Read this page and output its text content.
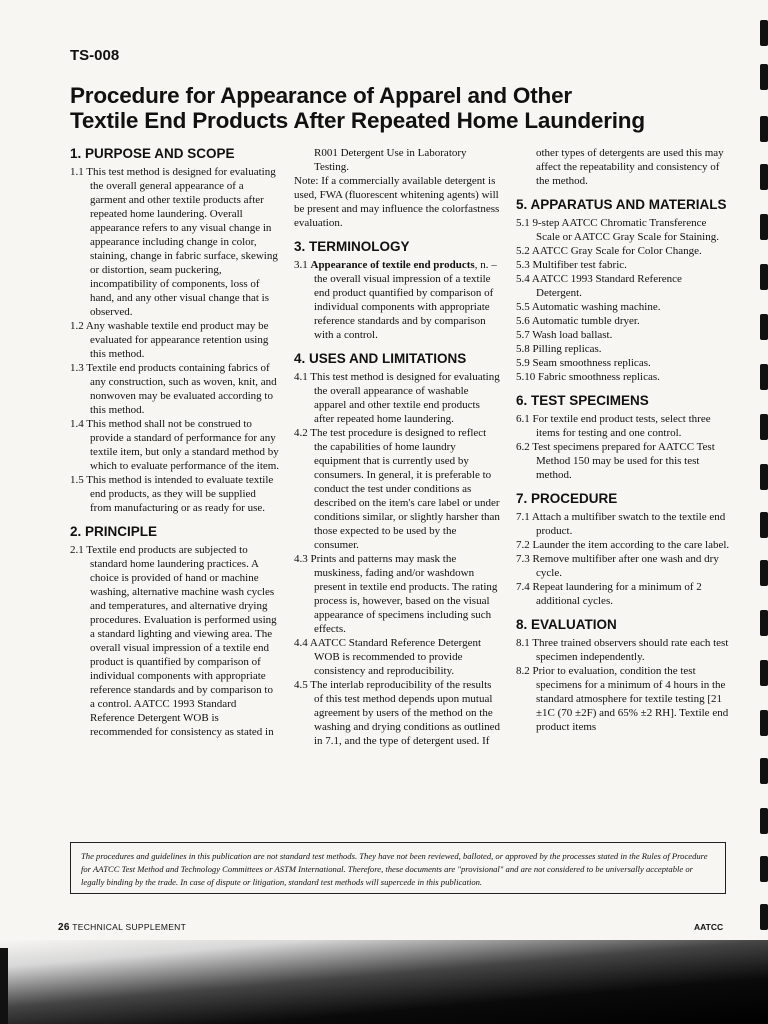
TS-008
Procedure for Appearance of Apparel and Other
Textile End Products After Repeated Home Laundering
1. PURPOSE AND SCOPE
1.1 This test method is designed for evaluating the overall general appearance of a garment and other textile products after repeated home laundering. Overall appearance refers to any visual change in appearance including change in color, staining, change in fabric surface, skewing or distortion, seam puckering, incompatibility of components, loss of hand, and any other visual change that is observed.
1.2 Any washable textile end product may be evaluated for appearance retention using this method.
1.3 Textile end products containing fabrics of any construction, such as woven, knit, and nonwoven may be evaluated according to this method.
1.4 This method shall not be construed to provide a standard of performance for any textile item, but only a standard method by which to evaluate performance of the item.
1.5 This method is intended to evaluate textile end products, as they will be supplied from manufacturing or as ready for use.
2. PRINCIPLE
2.1 Textile end products are subjected to standard home laundering practices. A choice is provided of hand or machine washing, alternative machine wash cycles and temperatures, and alternative drying procedures. Evaluation is performed using a standard lighting and viewing area. The overall visual impression of a textile end product is quantified by comparison of individual components with appropriate reference standards and by comparison to a control. AATCC 1993 Standard Reference Detergent WOB is recommended for consistency as stated in
R001 Detergent Use in Laboratory Testing.
Note: If a commercially available detergent is used, FWA (fluorescent whitening agents) will be present and may influence the colorfastness evaluation.
3. TERMINOLOGY
3.1 Appearance of textile end products, n. – the overall visual impression of a textile end product quantified by comparison of individual components with appropriate reference standards and by comparison with a control.
4. USES AND LIMITATIONS
4.1 This test method is designed for evaluating the overall appearance of washable apparel and other textile end products after repeated home laundering.
4.2 The test procedure is designed to reflect the capabilities of home laundry equipment that is currently used by consumers. In general, it is preferable to conduct the test under conditions as described on the item's care label or under conditions similar, or slightly harsher than those expected to be used by the consumer.
4.3 Prints and patterns may mask the muskiness, fading and/or washdown present in textile end products. The rating process is, however, based on the visual appearance of specimens including such effects.
4.4 AATCC Standard Reference Detergent WOB is recommended to provide consistency and reproducibility.
4.5 The interlab reproducibility of the results of this test method depends upon mutual agreement by users of the method on the washing and drying conditions as outlined in 7.1, and the type of detergent used. If
other types of detergents are used this may affect the repeatability and consistency of the method.
5. APPARATUS AND MATERIALS
5.1 9-step AATCC Chromatic Transference Scale or AATCC Gray Scale for Staining.
5.2 AATCC Gray Scale for Color Change.
5.3 Multifiber test fabric.
5.4 AATCC 1993 Standard Reference Detergent.
5.5 Automatic washing machine.
5.6 Automatic tumble dryer.
5.7 Wash load ballast.
5.8 Pilling replicas.
5.9 Seam smoothness replicas.
5.10 Fabric smoothness replicas.
6. TEST SPECIMENS
6.1 For textile end product tests, select three items for testing and one control.
6.2 Test specimens prepared for AATCC Test Method 150 may be used for this test method.
7. PROCEDURE
7.1 Attach a multifiber swatch to the textile end product.
7.2 Launder the item according to the care label.
7.3 Remove multifiber after one wash and dry cycle.
7.4 Repeat laundering for a minimum of 2 additional cycles.
8. EVALUATION
8.1 Three trained observers should rate each test specimen independently.
8.2 Prior to evaluation, condition the test specimens for a minimum of 4 hours in the standard atmosphere for textile testing [21 ±1C (70 ±2F) and 65% ±2 RH]. Textile end product items
The procedures and guidelines in this publication are not standard test methods. They have not been reviewed, balloted, or approved by the processes stated in the Rules of Procedure for AATCC Test Method and Technology Committees or ASTM International. Therefore, these documents are "provisional" and are not considered to be universally acceptable or legally binding by the trade. In case of dispute or litigation, standard test methods will supercede in this publication.
26 TECHNICAL SUPPLEMENT	AATCC
